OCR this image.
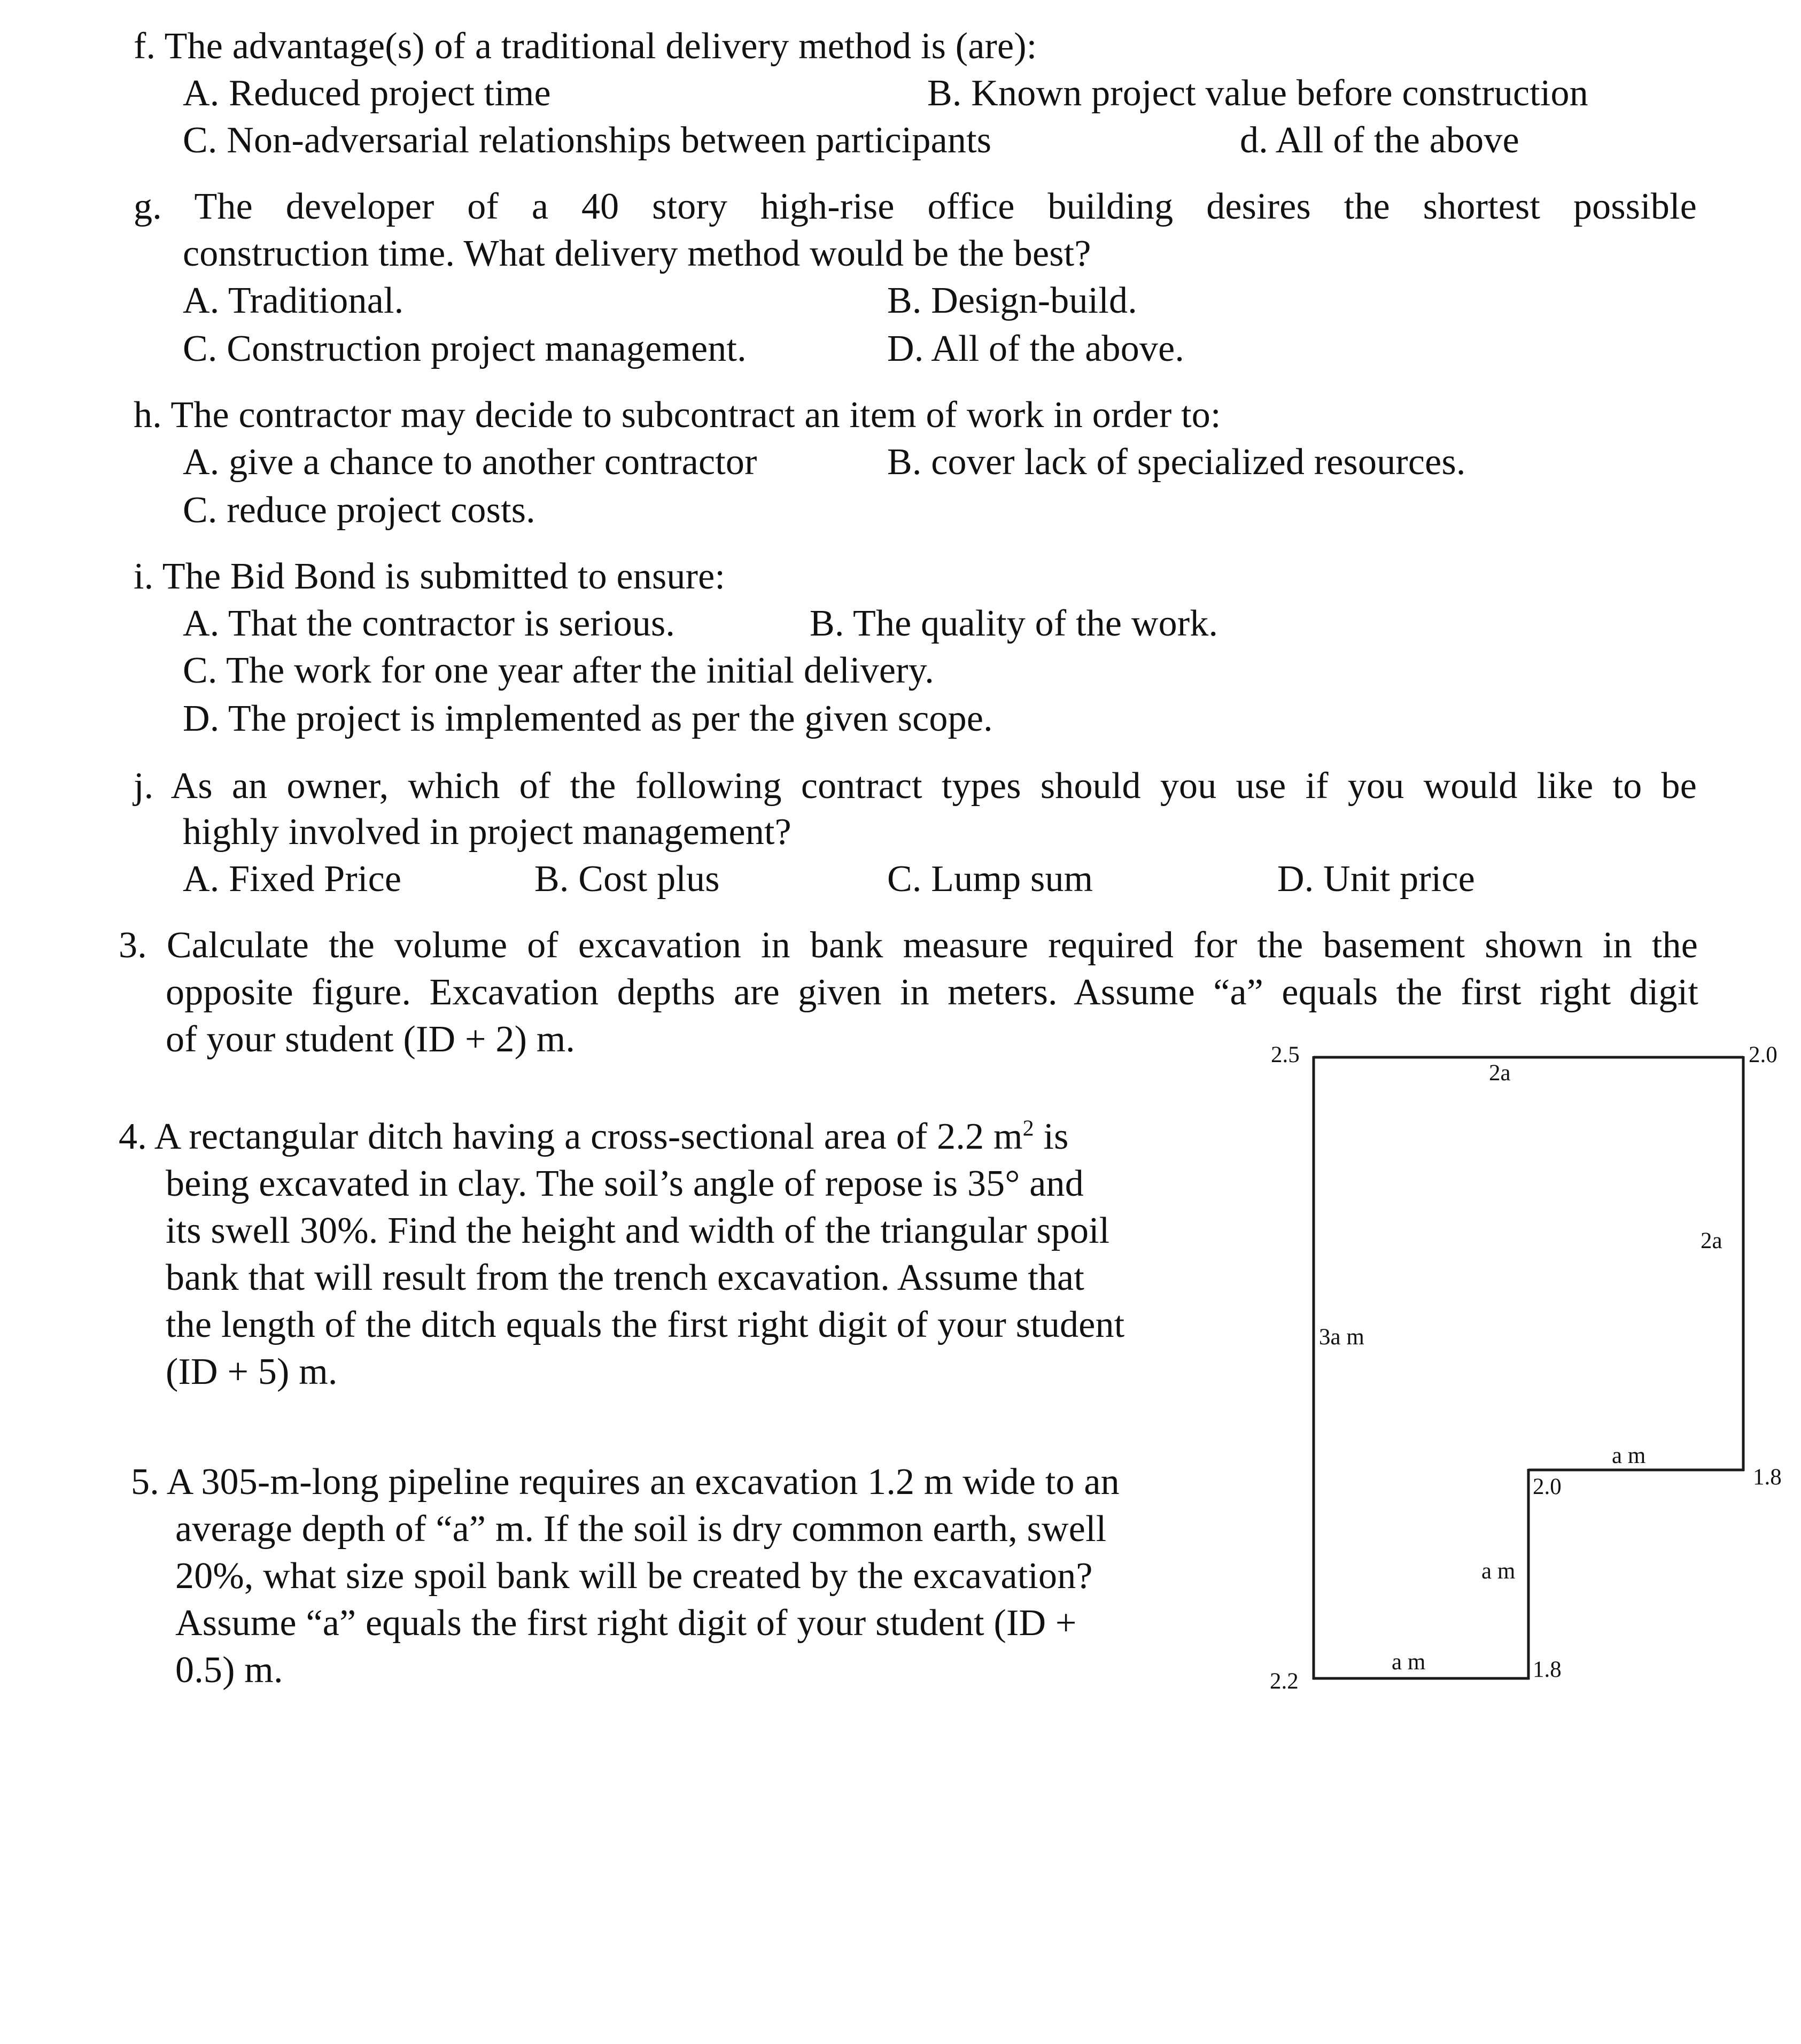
f. The advantage(s) of a traditional delivery method is (are):
A. Reduced project time	B. Known project value before construction
C. Non-adversarial relationships between participants	d. All of the above
g. The developer of a 40 story high-rise office building desires the shortest possible
construction time. What delivery method would be the best?
A. Traditional.	B. Design-build.
C. Construction project management.	D. All of the above.
h. The contractor may decide to subcontract an item of work in order to:
A. give a chance to another contractor	B. cover lack of specialized resources.
C. reduce project costs.
i. The Bid Bond is submitted to ensure:
A. That the contractor is serious.	B. The quality of the work.
C. The work for one year after the initial delivery.
D. The project is implemented as per the given scope.
j. As an owner, which of the following contract types should you use if you would like to be
highly involved in project management?
A. Fixed Price	B. Cost plus	C. Lump sum	D. Unit price
3. Calculate the volume of excavation in bank measure required for the basement shown in the
opposite figure. Excavation depths are given in meters. Assume “a” equals the first right digit
of your student (ID + 2) m.
4. A rectangular ditch having a cross-sectional area of 2.2 $m^2$ is
being excavated in clay. The soil’s angle of repose is 35° and
its swell 30%. Find the height and width of the triangular spoil
bank that will result from the trench excavation. Assume that
the length of the ditch equals the first right digit of your student
(ID + 5) m.
5. A 305-m-long pipeline requires an excavation 1.2 m wide to an
average depth of “a” m. If the soil is dry common earth, swell
20%, what size spoil bank will be created by the excavation?
Assume “a” equals the first right digit of your student (ID +
0.5) m.
2.5	2.0
2a
2a
3a m
a m
1.8
2.0
a m
a m	1.8
2.2
